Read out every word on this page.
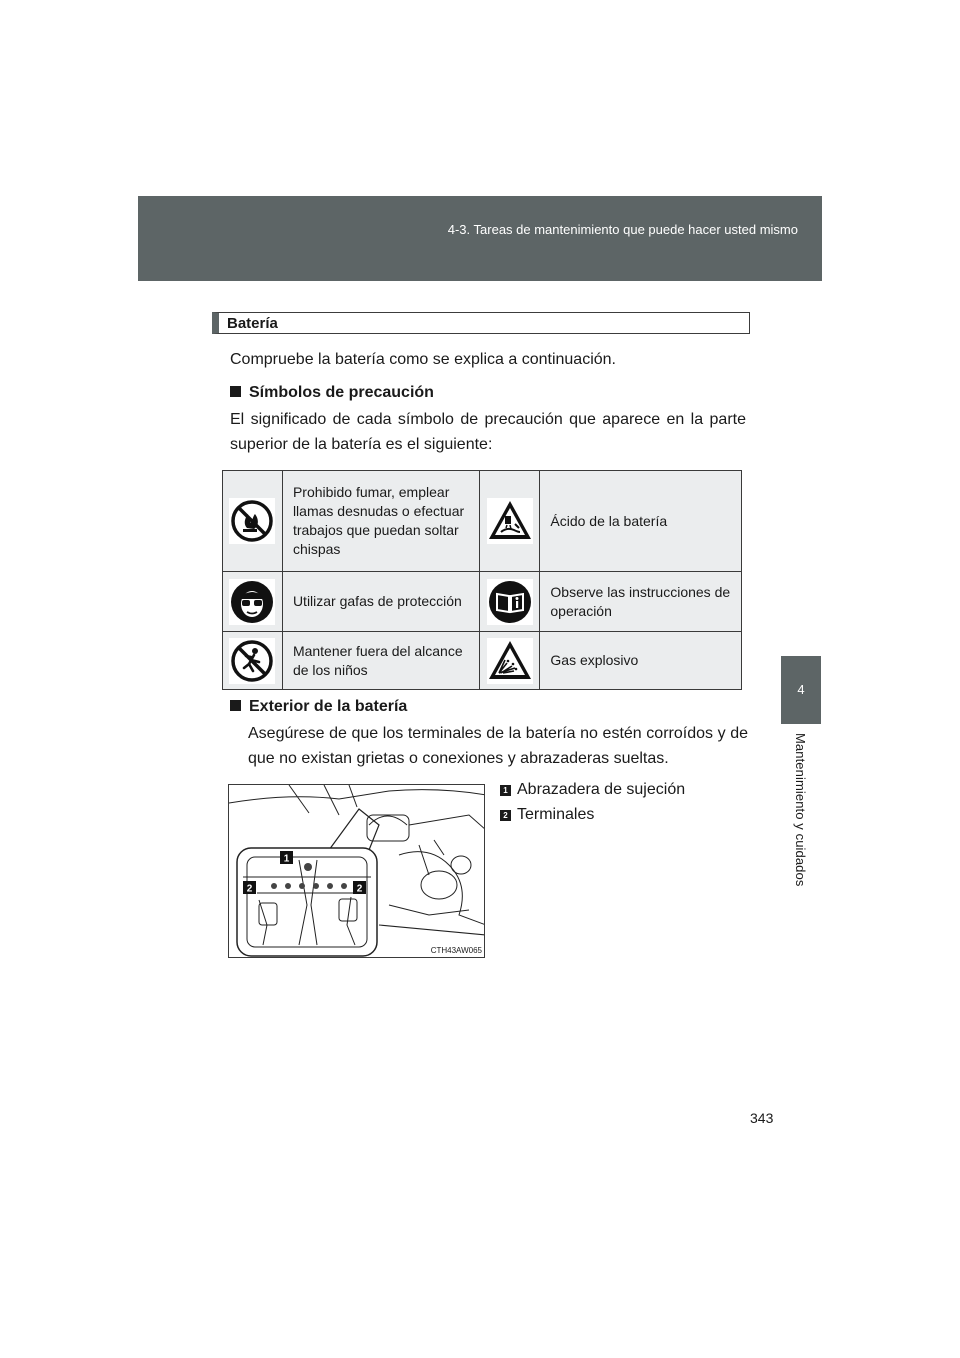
4-3. Tareas de mantenimiento que puede hacer usted mismo
4
Mantenimiento y cuidados
Batería
Compruebe la batería como se explica a continuación.
Símbolos de precaución
El significado de cada símbolo de precaución que aparece en la parte superior de la batería es el siguiente:
	Prohibido fumar, emplear llamas desnudas o efectuar trabajos que puedan soltar chispas		Ácido de la batería

	Utilizar gafas de protección		Observe las instrucciones de operación

	Mantener fuera del alcance de los niños		Gas explosivo
Exterior de la batería
Asegúrese de que los terminales de la batería no estén corroídos y de que no existan grietas o conexiones y abrazaderas sueltas.
1
2	2
CTH43AW065
1 Abrazadera de sujeción
2 Terminales
343
